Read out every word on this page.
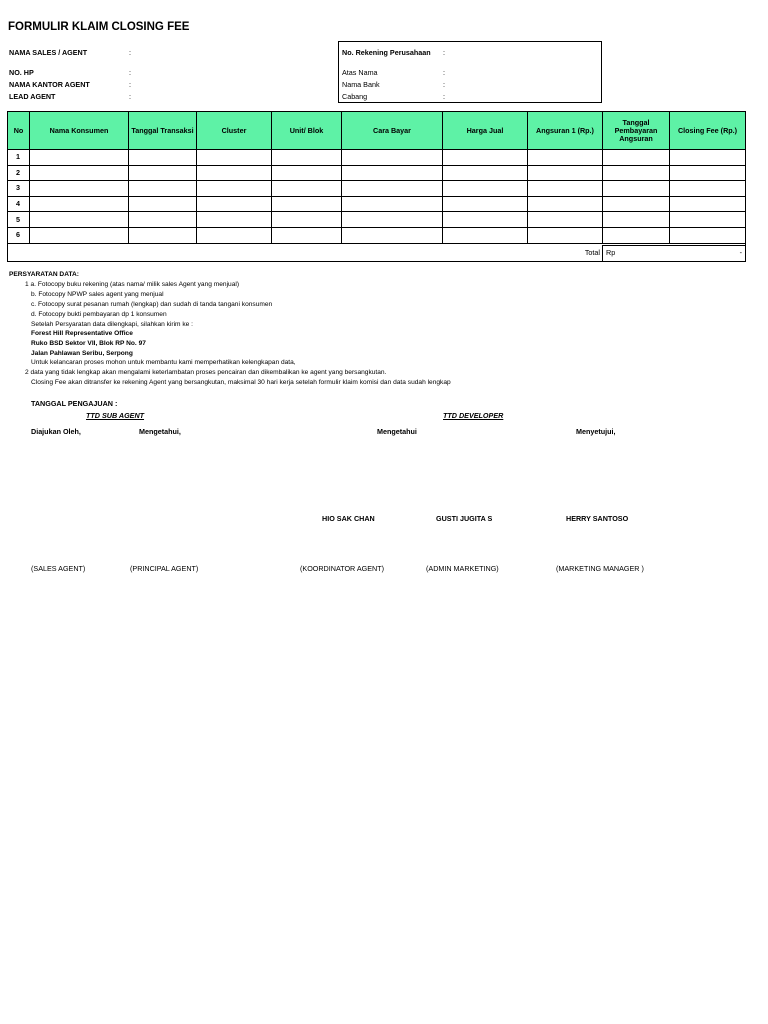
FORMULIR KLAIM CLOSING FEE
NAMA SALES / AGENT	:
NO. HP	:
NAMA KANTOR AGENT	:
LEAD AGENT	:
No. Rekening Perusahaan :
Atas Nama	:
Nama Bank	:
Cabang	:
No	Nama Konsumen	Tanggal Transaksi	Cluster	Unit/ Blok	Cara Bayar	Harga Jual	Angsuran 1 (Rp.)	Tanggal Pembayaran Angsuran	Closing Fee (Rp.)
1									
2									
3									
4									
5									
6									

Total								Rp -	
PERSYARATAN DATA:
1 a. Fotocopy buku rekening (atas nama/ milik sales Agent yang menjual)
b. Fotocopy NPWP sales agent yang menjual
c. Fotocopy surat pesanan rumah (lengkap) dan sudah di tanda tangani konsumen
d. Fotocopy bukti pembayaran dp 1 konsumen
Setelah Persyaratan data dilengkapi, silahkan kirim ke :
Forest Hill Representative Office
Ruko BSD Sektor VII, Blok RP No. 97
Jalan Pahlawan Seribu, Serpong
Untuk kelancaran proses mohon untuk membantu kami memperhatikan kelengkapan data,
2 data yang tidak lengkap akan mengalami keterlambatan proses pencairan dan dikembalikan ke agent yang bersangkutan.
Closing Fee akan ditransfer ke rekening Agent yang bersangkutan, maksimal 30 hari kerja setelah formulir klaim komisi dan data sudah lengkap
TANGGAL PENGAJUAN :
TTD SUB AGENT	TTD DEVELOPER
Diajukan Oleh,	Mengetahui,	Mengetahui	Menyetujui,
HIO SAK CHAN	GUSTI JUGITA S	HERRY SANTOSO
(SALES AGENT)	(PRINCIPAL AGENT)	(KOORDINATOR AGENT)	(ADMIN MARKETING)	(MARKETING MANAGER )
